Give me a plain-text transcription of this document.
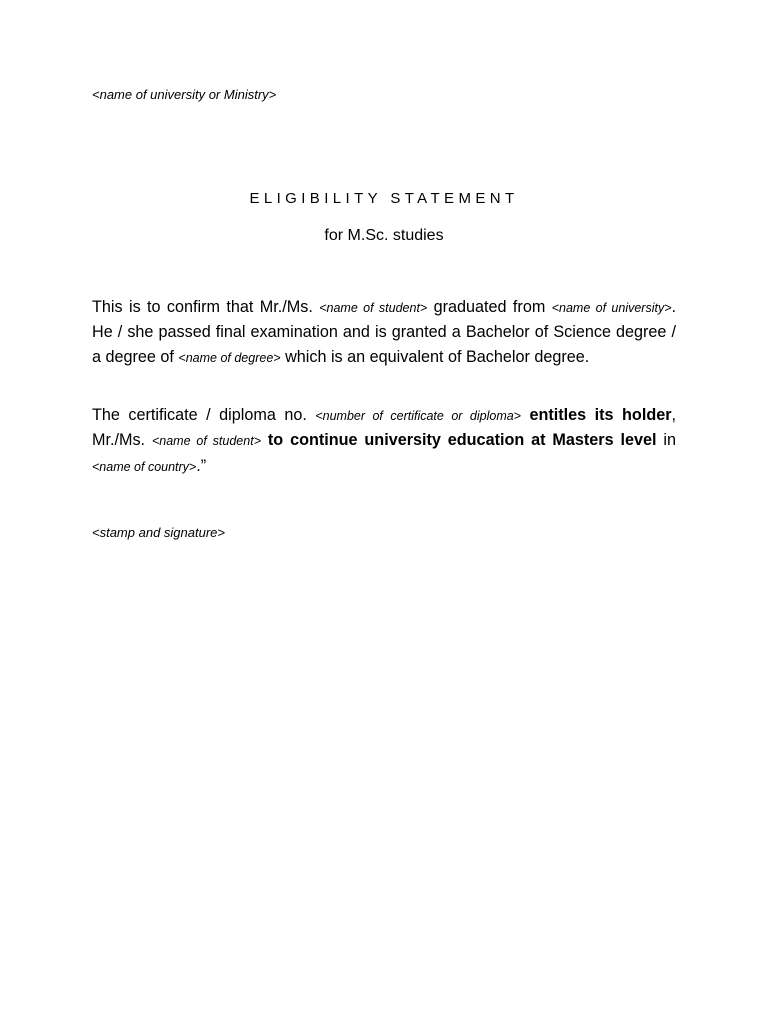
<name of university or Ministry>
ELIGIBILITY STATEMENT
for M.Sc. studies

This is to confirm that Mr./Ms. <name of student> graduated from <name of university>. He / she passed final examination and is granted a Bachelor of Science degree / a degree of <name of degree> which is an equivalent of Bachelor degree.

The certificate / diploma no. <number of certificate or diploma> entitles its holder, Mr./Ms. <name of student> to continue university education at Masters level in <name of country>.”

<stamp and signature>
